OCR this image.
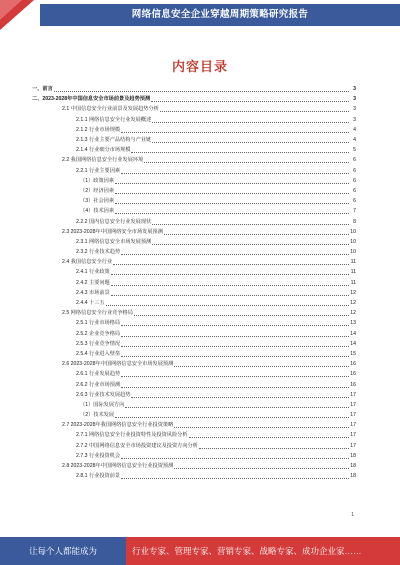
网络信息安全企业穿越周期策略研究报告
内容目录
一、前言	3
二、2023-2028年中国信息安全市场前景及趋势预测	3
2.1 中国信息安全行业前景及发展趋势分析	3
2.1.1 网络信息安全行业发展概述	3
2.1.2 行业市场规模	4
2.1.3 行业主要产品结构与产业链	4
2.1.4 行业细分市场规模	5
2.2 我国网络信息安全行业发展环境	6
2.2.1 行业主要因素	6
（1）政策因素	6
（2）经济因素	6
（3）社会因素	6
（4）技术因素	7
2.2.2 国内信息安全行业发展现状	8
2.3 2023-2028年中国网络安全市场发展预测	10
2.3.1 网络信息安全市场发展预测	10
2.3.2 行业技术趋势	10
2.4 我国信息安全行业	11
2.4.1 行业政策	11
2.4.2 主要问题	11
2.4.3 市场前景	12
2.4.4 十三五	12
2.5 网络信息安全行业竞争格局	12
2.5.1 行业市场格局	13
2.5.2 企业竞争格局	14
2.5.3 行业竞争情况	14
2.5.4 行业进入壁垒	15
2.6 2023-2028年中国网络信息安全市场发展预测	16
2.6.1 行业发展趋势	16
2.6.2 行业市场预测	16
2.6.3 行业技术发展趋势	17
（1）国际发展方向	17
（2）技术发展	17
2.7 2023-2028年我国网络信息安全行业投资策略	17
2.7.1 网络信息安全行业投资特性及投资风险分析	17
2.7.2 中国网络信息安全市场投资建议及投资方向分析	17
2.7.3 行业投资机会	18
2.8 2023-2028年中国网络信息安全行业投资预测	18
2.8.1 行业投资前景	18
1
让每个人都能成为	行业专家、管理专家、营销专家、战略专家、成功企业家……
